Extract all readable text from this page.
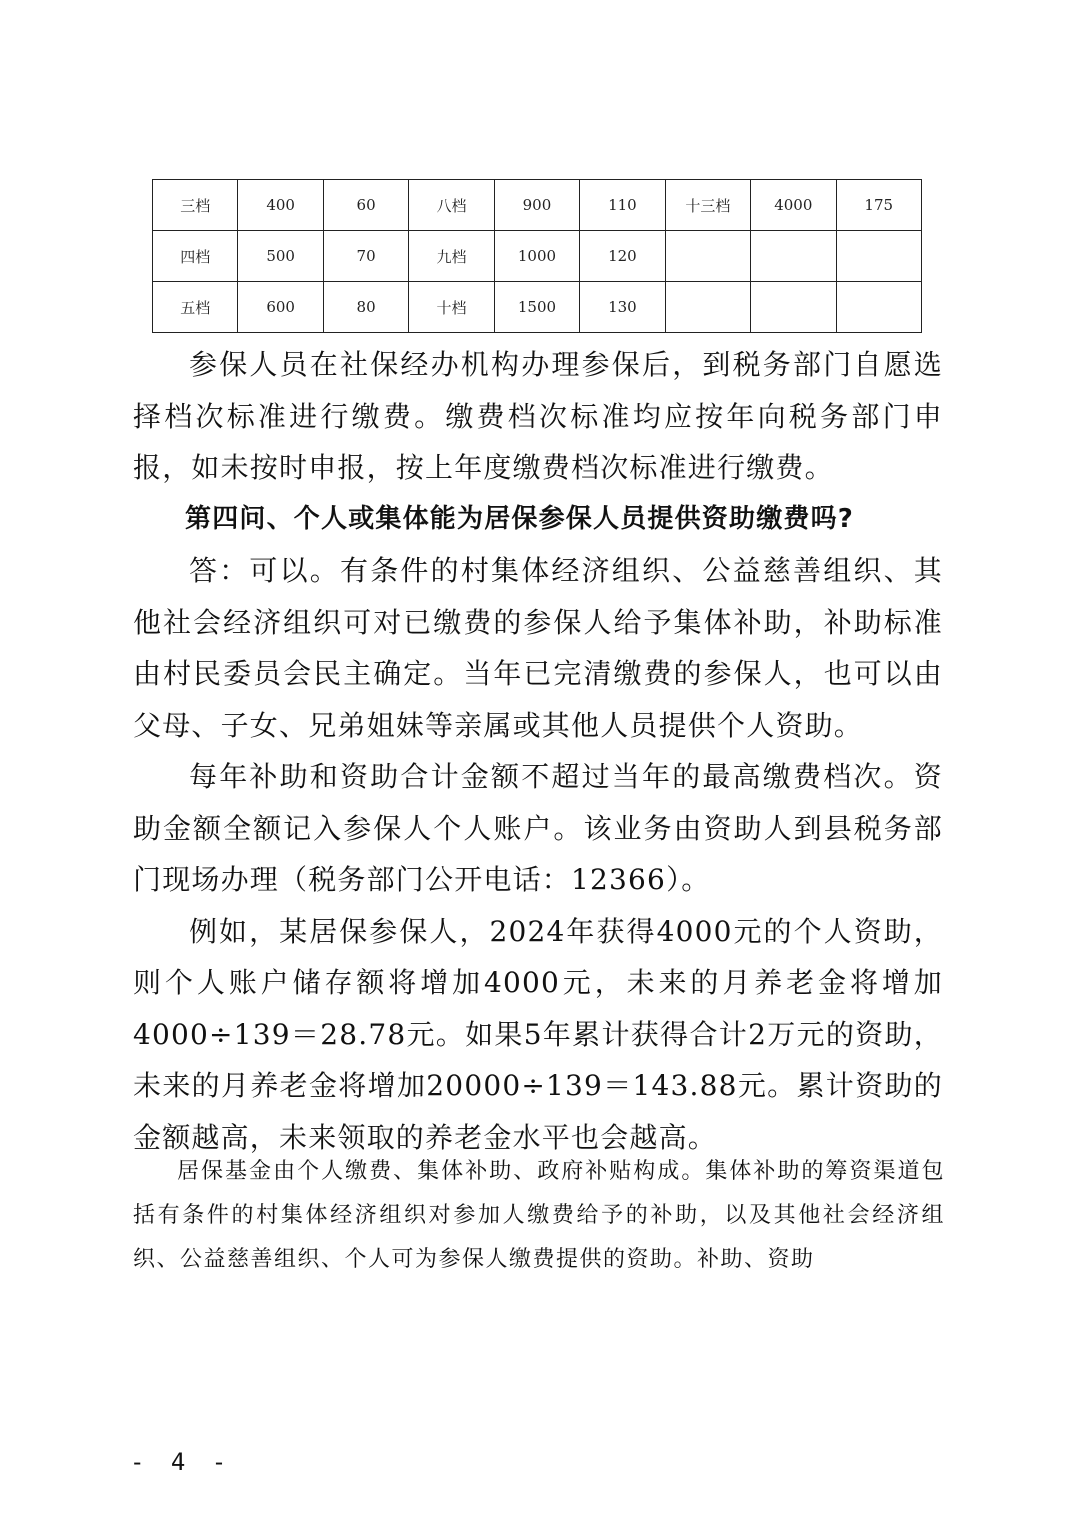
三档	400	60	八档	900	110	十三档	4000	175
四档	500	70	九档	1000	120			
五档	600	80	十档	1500	130			

参保人员在社保经办机构办理参保后，到税务部门自愿选择档次标准进行缴费。缴费档次标准均应按年向税务部门申报，如未按时申报，按上年度缴费档次标准进行缴费。

第四问、个人或集体能为居保参保人员提供资助缴费吗?

答：可以。有条件的村集体经济组织、公益慈善组织、其他社会经济组织可对已缴费的参保人给予集体补助，补助标准由村民委员会民主确定。当年已完清缴费的参保人，也可以由父母、子女、兄弟姐妹等亲属或其他人员提供个人资助。

每年补助和资助合计金额不超过当年的最高缴费档次。资助金额全额记入参保人个人账户。该业务由资助人到县税务部门现场办理（税务部门公开电话：12366）。

例如，某居保参保人，2024年获得4000元的个人资助，则个人账户储存额将增加4000元，未来的月养老金将增加4000÷139＝28.78元。如果5年累计获得合计2万元的资助，未来的月养老金将增加20000÷139＝143.88元。累计资助的金额越高，未来领取的养老金水平也会越高。

居保基金由个人缴费、集体补助、政府补贴构成。集体补助的筹资渠道包括有条件的村集体经济组织对参加人缴费给予的补助，以及其他社会经济组织、公益慈善组织、个人可为参保人缴费提供的资助。补助、资助

- 4 -
